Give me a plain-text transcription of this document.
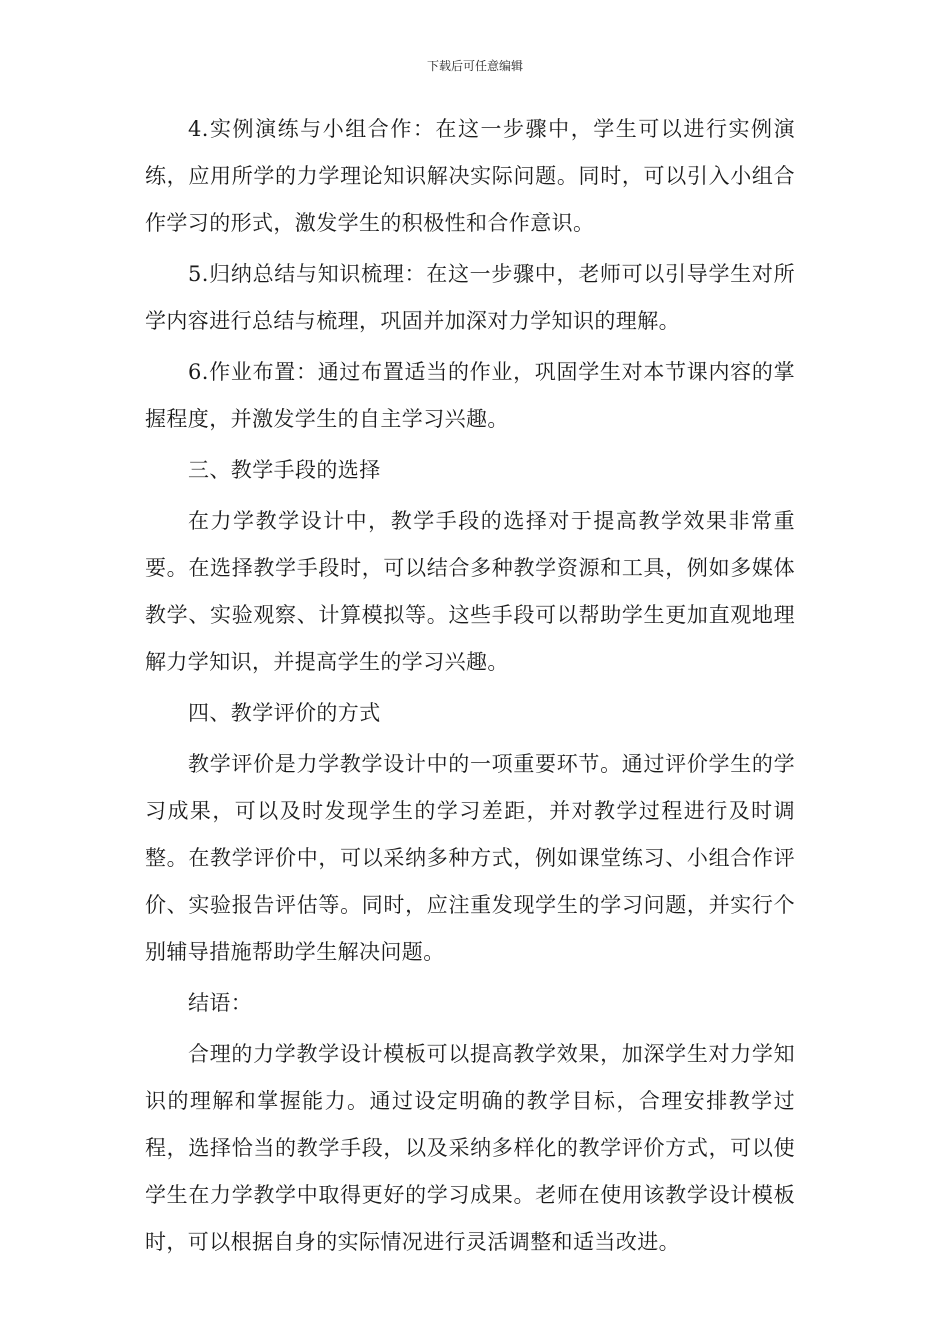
下载后可任意编辑

4.实例演练与小组合作：在这一步骤中，学生可以进行实例演练，应用所学的力学理论知识解决实际问题。同时，可以引入小组合作学习的形式，激发学生的积极性和合作意识。

5.归纳总结与知识梳理：在这一步骤中，老师可以引导学生对所学内容进行总结与梳理，巩固并加深对力学知识的理解。

6.作业布置：通过布置适当的作业，巩固学生对本节课内容的掌握程度，并激发学生的自主学习兴趣。

三、教学手段的选择

在力学教学设计中，教学手段的选择对于提高教学效果非常重要。在选择教学手段时，可以结合多种教学资源和工具，例如多媒体教学、实验观察、计算模拟等。这些手段可以帮助学生更加直观地理解力学知识，并提高学生的学习兴趣。

四、教学评价的方式

教学评价是力学教学设计中的一项重要环节。通过评价学生的学习成果，可以及时发现学生的学习差距，并对教学过程进行及时调整。在教学评价中，可以采纳多种方式，例如课堂练习、小组合作评价、实验报告评估等。同时，应注重发现学生的学习问题，并实行个别辅导措施帮助学生解决问题。

结语：

合理的力学教学设计模板可以提高教学效果，加深学生对力学知识的理解和掌握能力。通过设定明确的教学目标，合理安排教学过程，选择恰当的教学手段，以及采纳多样化的教学评价方式，可以使学生在力学教学中取得更好的学习成果。老师在使用该教学设计模板时，可以根据自身的实际情况进行灵活调整和适当改进。
